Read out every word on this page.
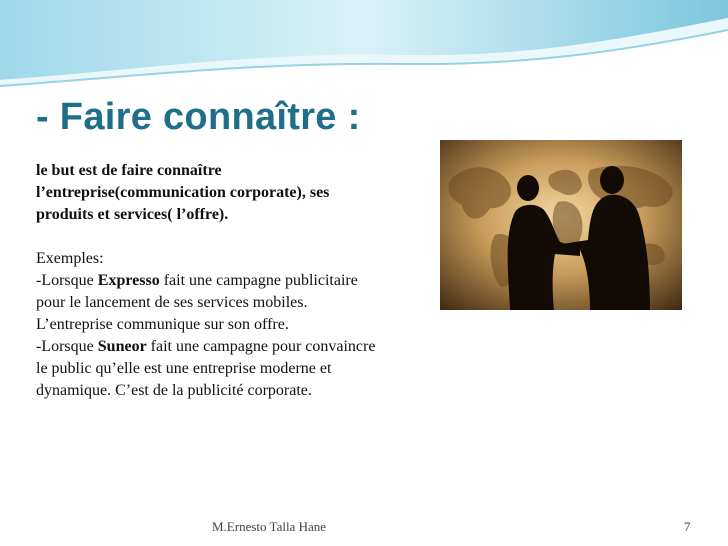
- Faire connaître :

le but est de faire connaître l’entreprise(communication corporate), ses produits et services( l’offre).

Exemples:

-Lorsque Expresso fait une campagne publicitaire pour le lancement de ses services mobiles. L’entreprise communique sur son offre.

-Lorsque Suneor fait une campagne pour convaincre le public qu’elle est une entreprise moderne et dynamique. C’est de la publicité corporate.

M.Ernesto Talla Hane	7
